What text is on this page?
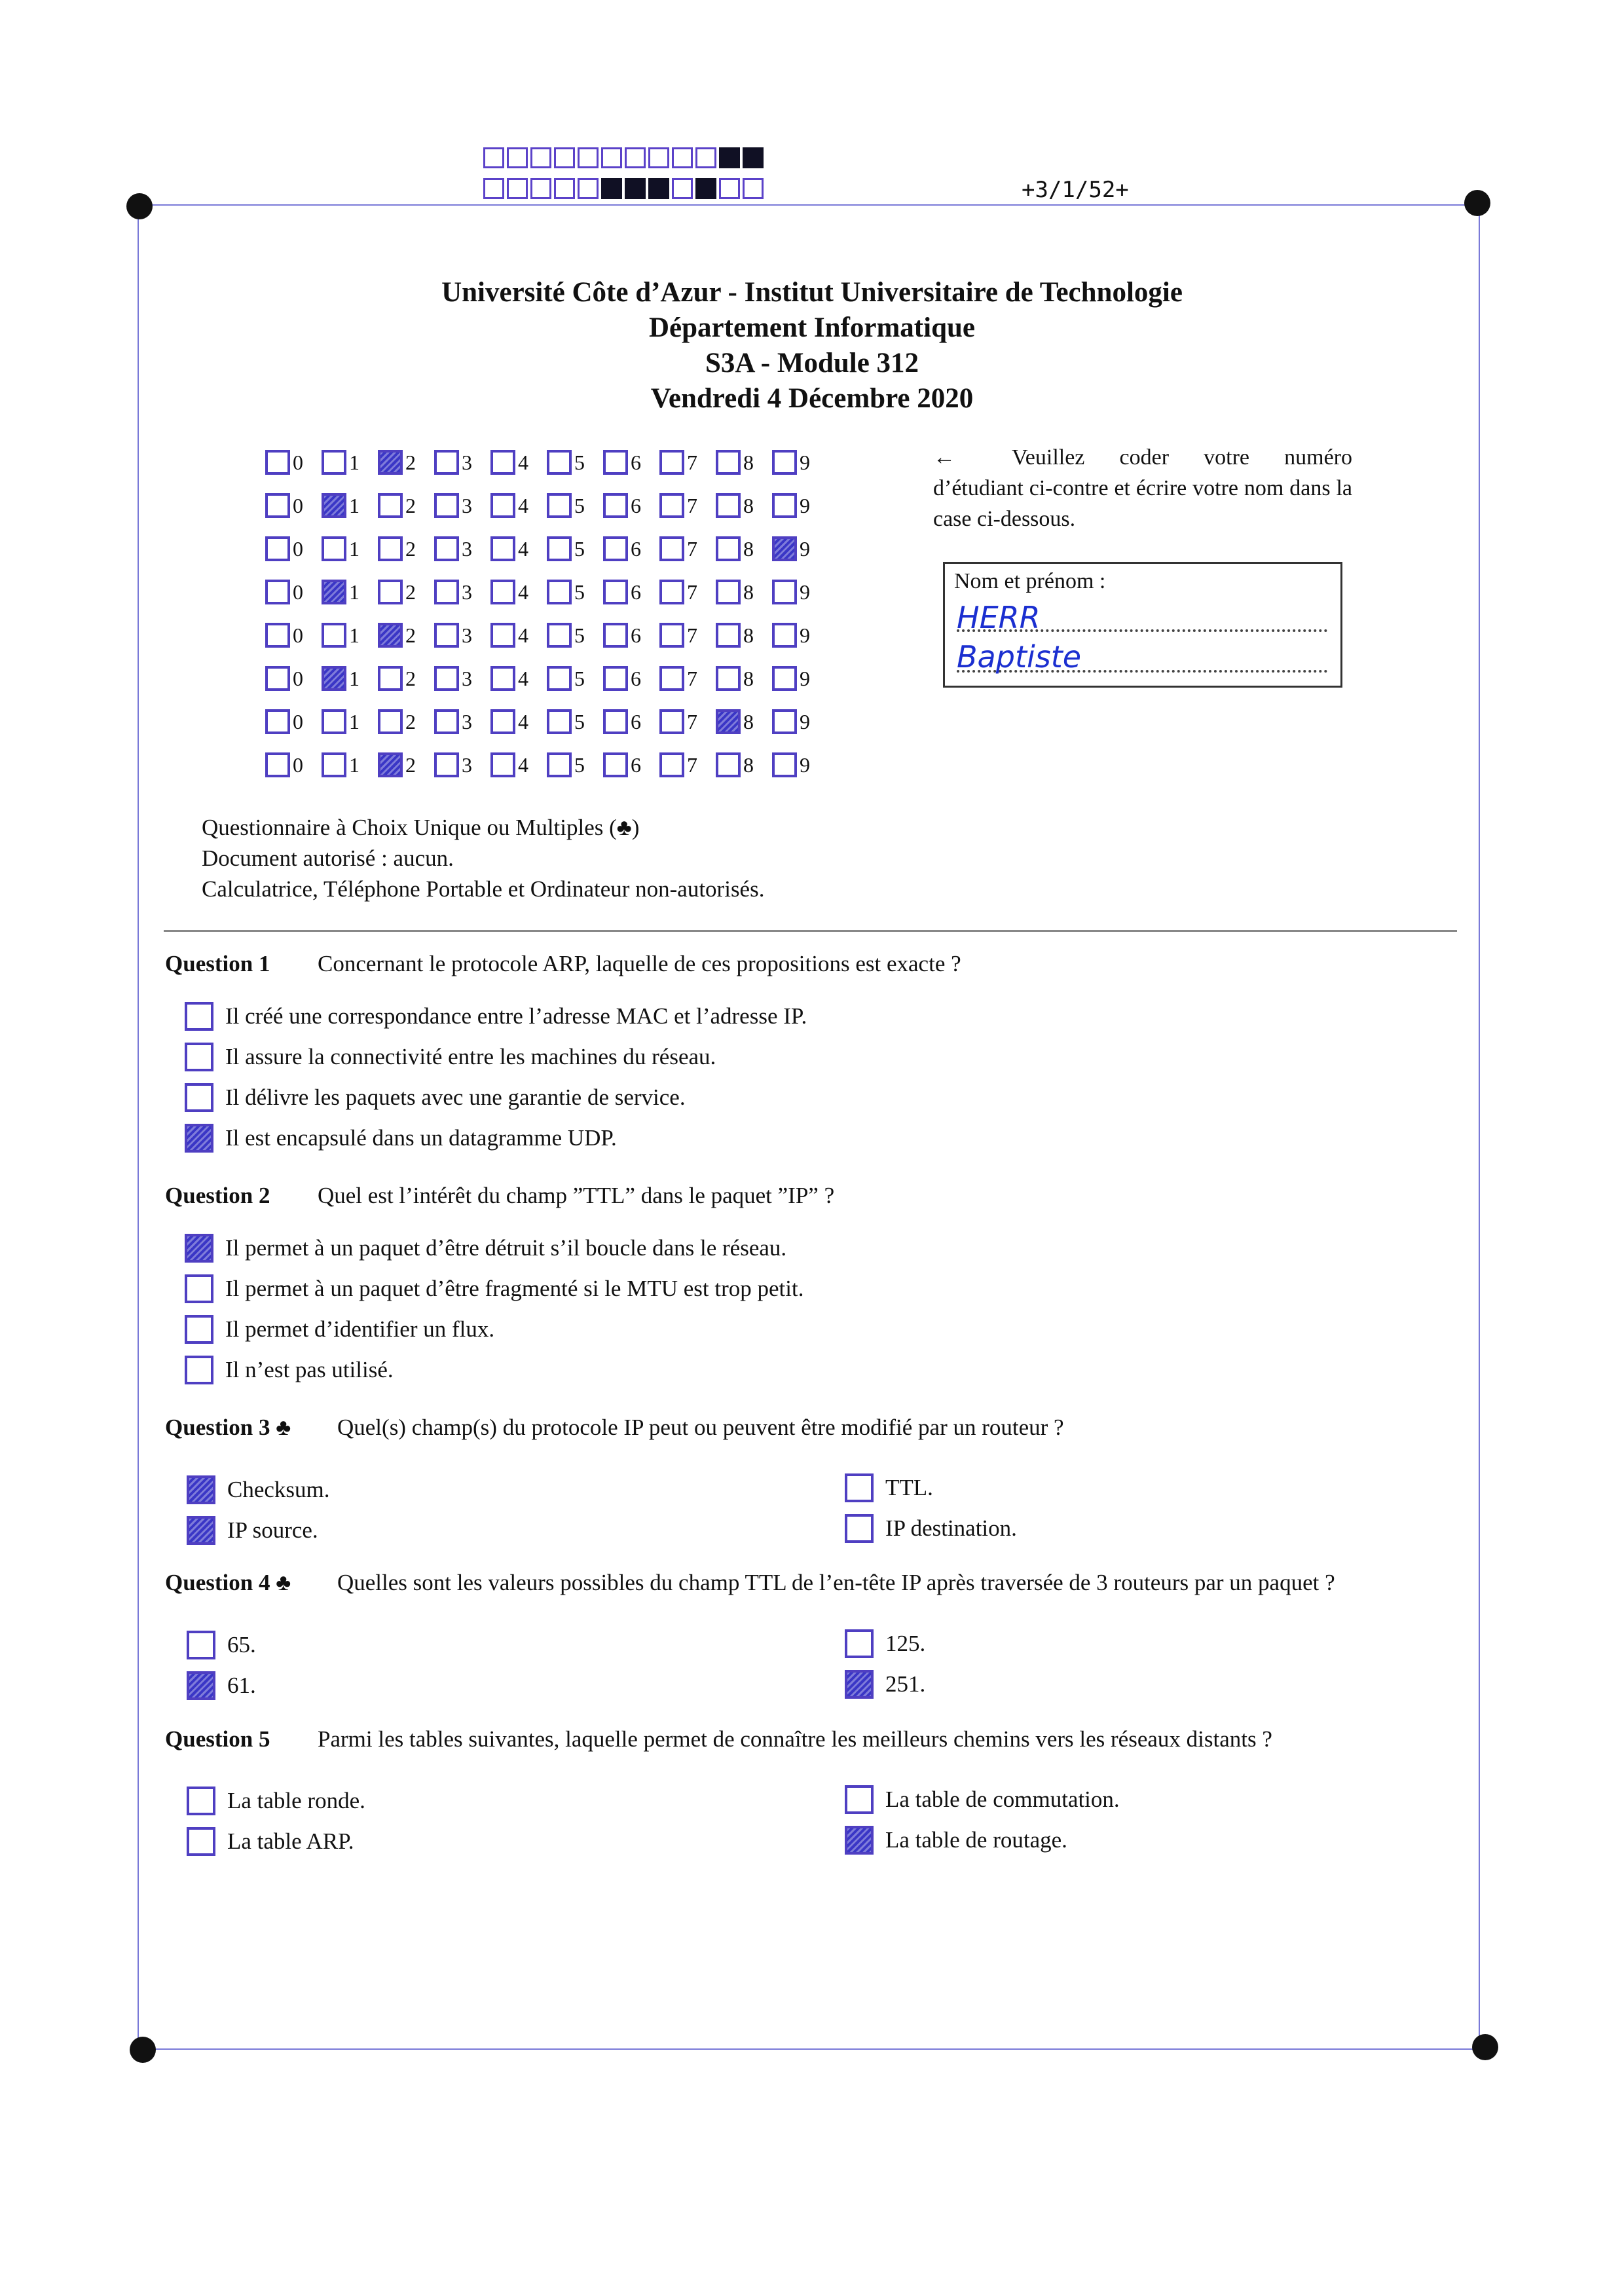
+3/1/52+
Université Côte d’Azur - Institut Universitaire de Technologie
Département Informatique
S3A - Module 312
Vendredi 4 Décembre 2020
0 1 2 3 4 5 6 7 8 9
0 1 2 3 4 5 6 7 8 9
0 1 2 3 4 5 6 7 8 9
0 1 2 3 4 5 6 7 8 9
0 1 2 3 4 5 6 7 8 9
0 1 2 3 4 5 6 7 8 9
0 1 2 3 4 5 6 7 8 9
0 1 2 3 4 5 6 7 8 9
←	Veuillez coder votre numéro d’étudiant ci-contre et écrire votre nom dans la case ci-dessous.
Nom et prénom :
HERR
Baptiste
Questionnaire à Choix Unique ou Multiples (♣)
Document autorisé : aucun.
Calculatrice, Téléphone Portable et Ordinateur non-autorisés.
Question 1 Concernant le protocole ARP, laquelle de ces propositions est exacte ?
Il créé une correspondance entre l’adresse MAC et l’adresse IP.
Il assure la connectivité entre les machines du réseau.
Il délivre les paquets avec une garantie de service.
Il est encapsulé dans un datagramme UDP.
Question 2 Quel est l’intérêt du champ ”TTL” dans le paquet ”IP” ?
Il permet à un paquet d’être détruit s’il boucle dans le réseau.
Il permet à un paquet d’être fragmenté si le MTU est trop petit.
Il permet d’identifier un flux.
Il n’est pas utilisé.
Question 3 ♣ Quel(s) champ(s) du protocole IP peut ou peuvent être modifié par un routeur ?
Checksum.
IP source.
TTL.
IP destination.
Question 4 ♣ Quelles sont les valeurs possibles du champ TTL de l’en-tête IP après traversée de 3 routeurs par un paquet ?
65.
61.
125.
251.
Question 5 Parmi les tables suivantes, laquelle permet de connaître les meilleurs chemins vers les réseaux distants ?
La table ronde.
La table ARP.
La table de commutation.
La table de routage.
